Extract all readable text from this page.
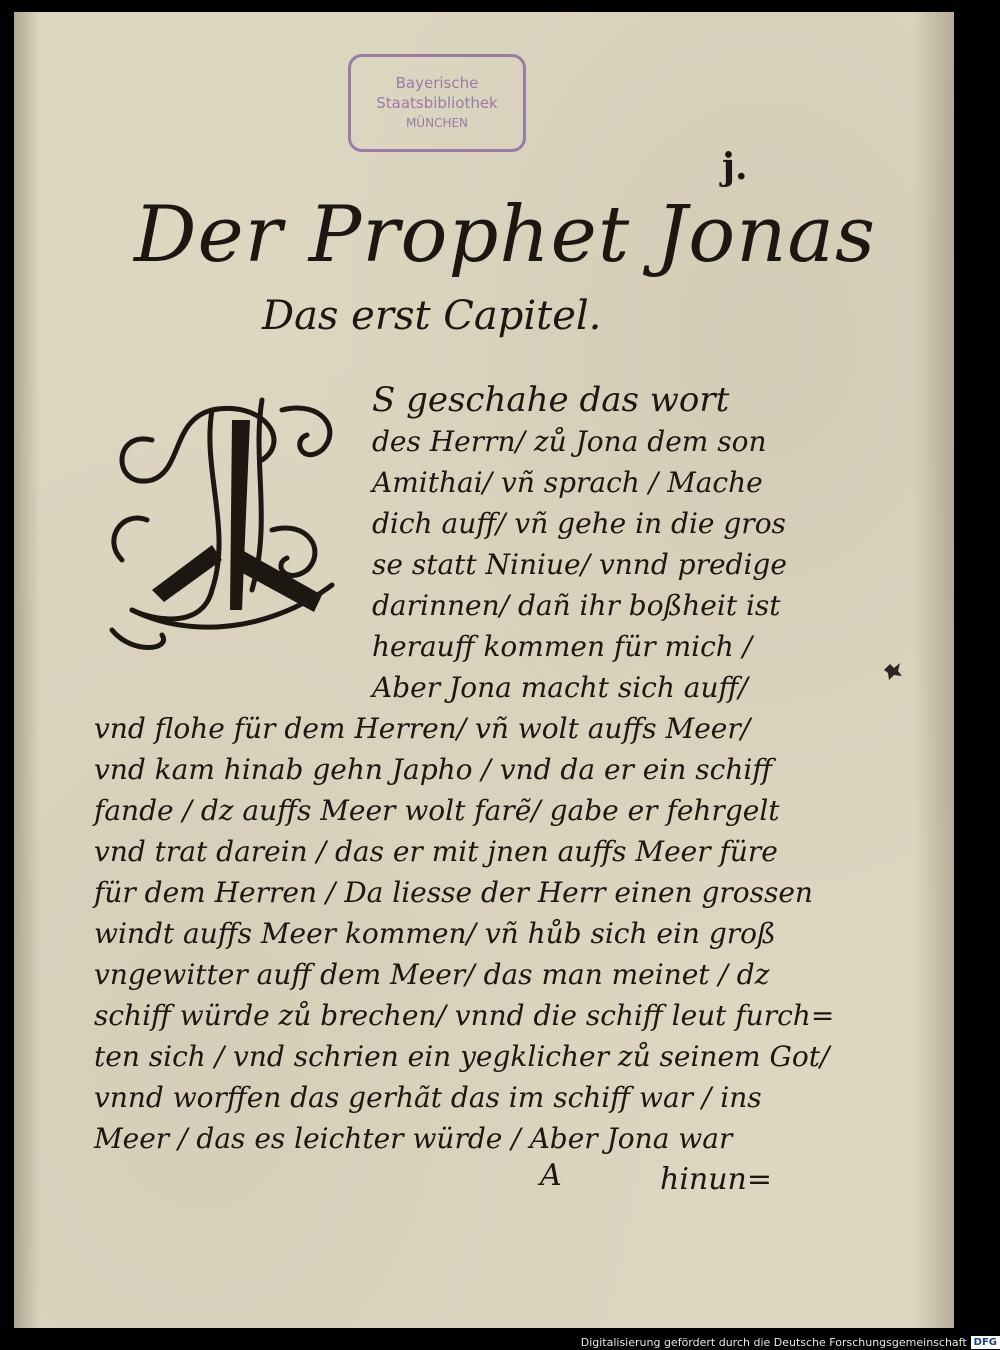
Bayerische
Staatsbibliothek
MÜNCHEN
j.
Der Prophet Jonas
Das erst Capitel.
S geschahe das wort
des Herrn/ zů Jona dem son
Amithai/ vñ sprach / Mache
dich auff/ vñ gehe in die gros
se statt Niniue/ vnnd predige
darinnen/ dañ ihr boßheit ist
herauff kommen für mich /
Aber Jona macht sich auff/
vnd flohe für dem Herren/ vñ wolt auffs Meer/
vnd kam hinab gehn Japho / vnd da er ein schiff
fande / dz auffs Meer wolt farẽ/ gabe er fehrgelt
vnd trat darein / das er mit jnen auffs Meer füre
für dem Herren / Da liesse der Herr einen grossen
windt auffs Meer kommen/ vñ hůb sich ein groß
vngewitter auff dem Meer/ das man meinet / dz
schiff würde zů brechen/ vnnd die schiff leut furch=
ten sich / vnd schrien ein yegklicher zů seinem Got/
vnnd worffen das gerhãt das im schiff war / ins
Meer / das es leichter würde / Aber Jona war
A	hinun=
Digitalisierung gefördert durch die Deutsche Forschungsgemeinschaft DFG
